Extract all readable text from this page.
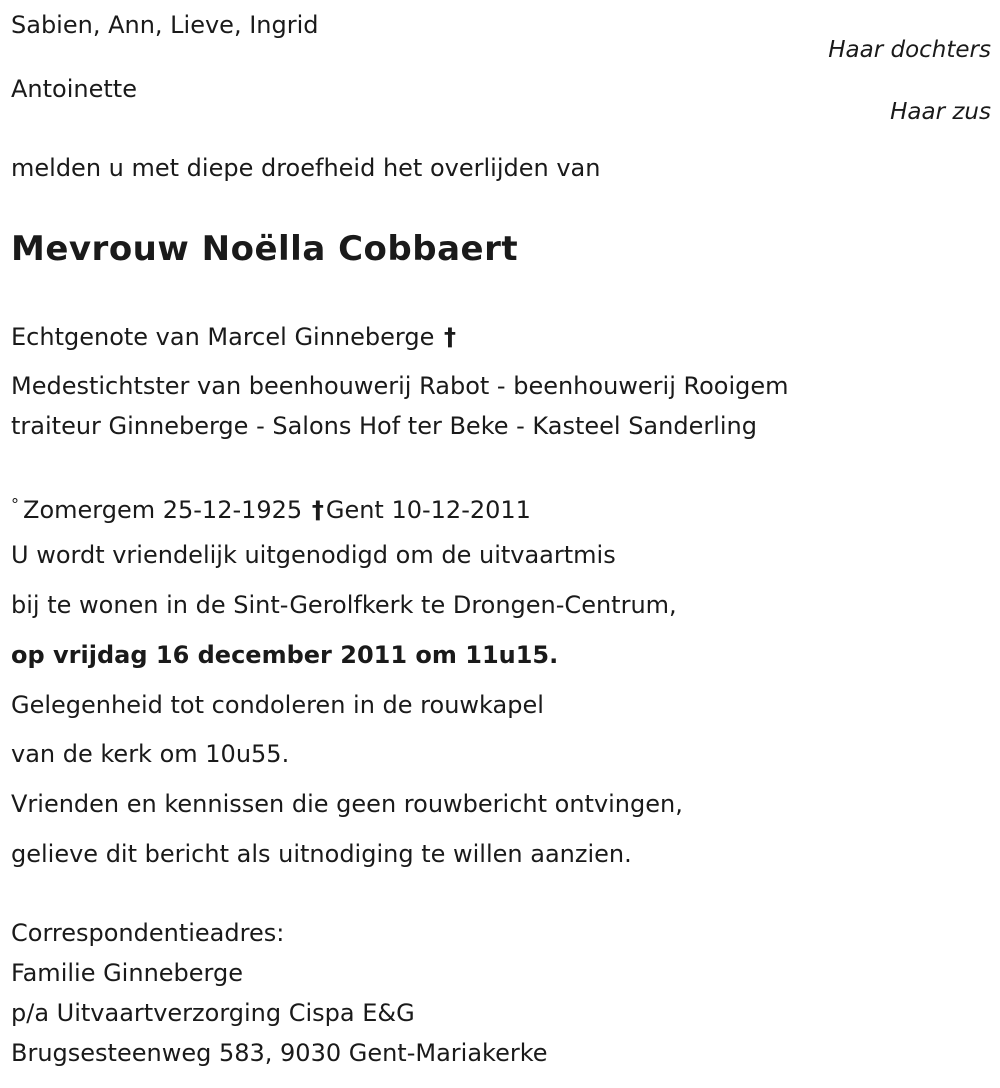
Sabien, Ann, Lieve, Ingrid
Haar dochters
Antoinette
Haar zus
melden u met diepe droefheid het overlijden van
Mevrouw Noëlla Cobbaert
Echtgenote van Marcel Ginneberge †
Medestichtster van beenhouwerij Rabot - beenhouwerij Rooigem
traiteur Ginneberge - Salons Hof ter Beke - Kasteel Sanderling
° Zomergem 25-12-1925 †Gent 10-12-2011
U wordt vriendelijk uitgenodigd om de uitvaartmis
bij te wonen in de Sint-Gerolfkerk te Drongen-Centrum,
op vrijdag 16 december 2011 om 11u15.
Gelegenheid tot condoleren in de rouwkapel
van de kerk om 10u55.
Vrienden en kennissen die geen rouwbericht ontvingen,
gelieve dit bericht als uitnodiging te willen aanzien.
Correspondentieadres:
Familie Ginneberge
p/a Uitvaartverzorging Cispa E&G
Brugsesteenweg 583, 9030 Gent-Mariakerke
